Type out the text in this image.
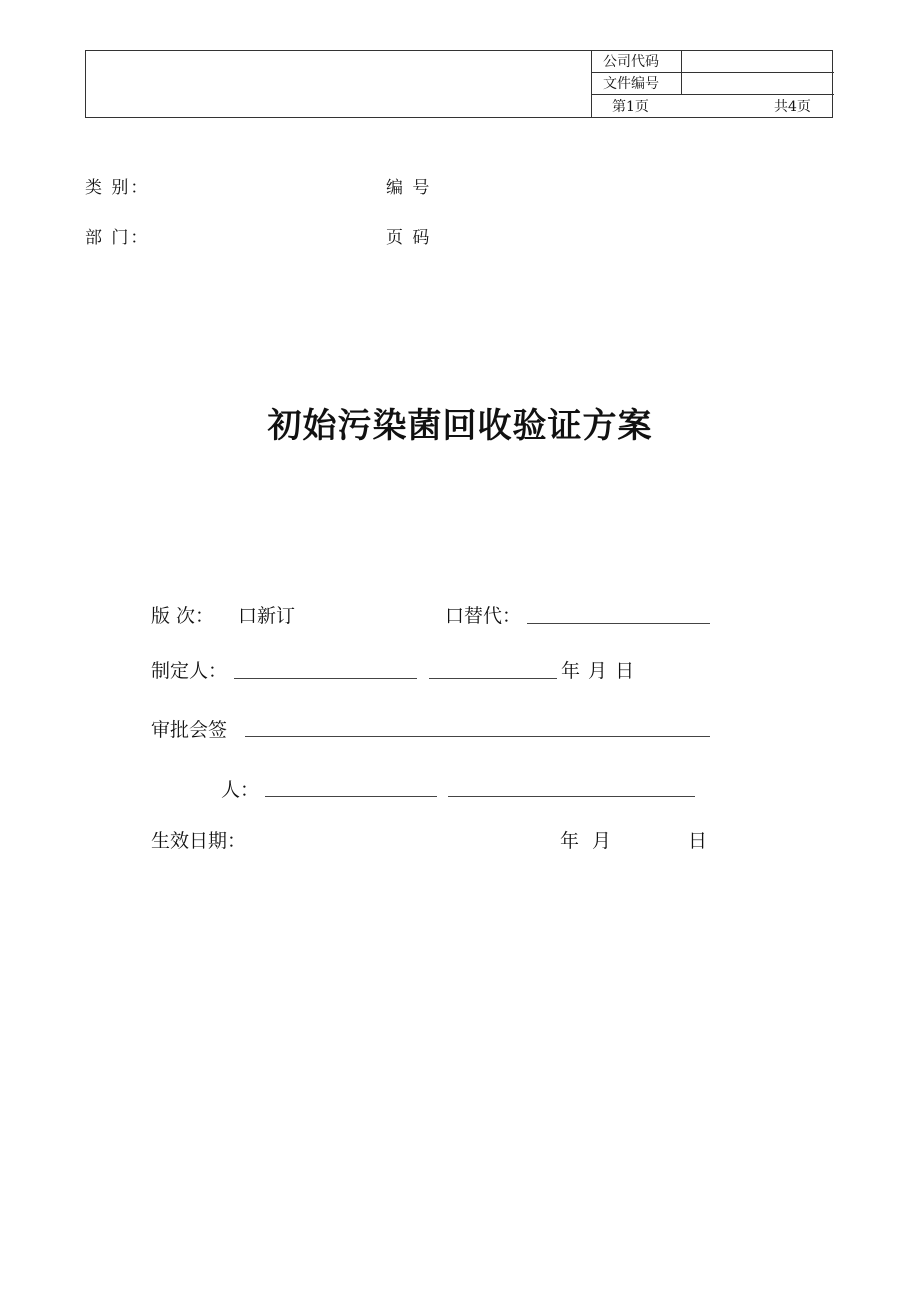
公司代码
文件编号
第1页	共4页
类 别：	编 号
部 门：	页 码
初始污染菌回收验证方案
版 次： 口新订	口替代：
制定人：	年 月 日
审批会签
人：
生效日期：	年 月	日
